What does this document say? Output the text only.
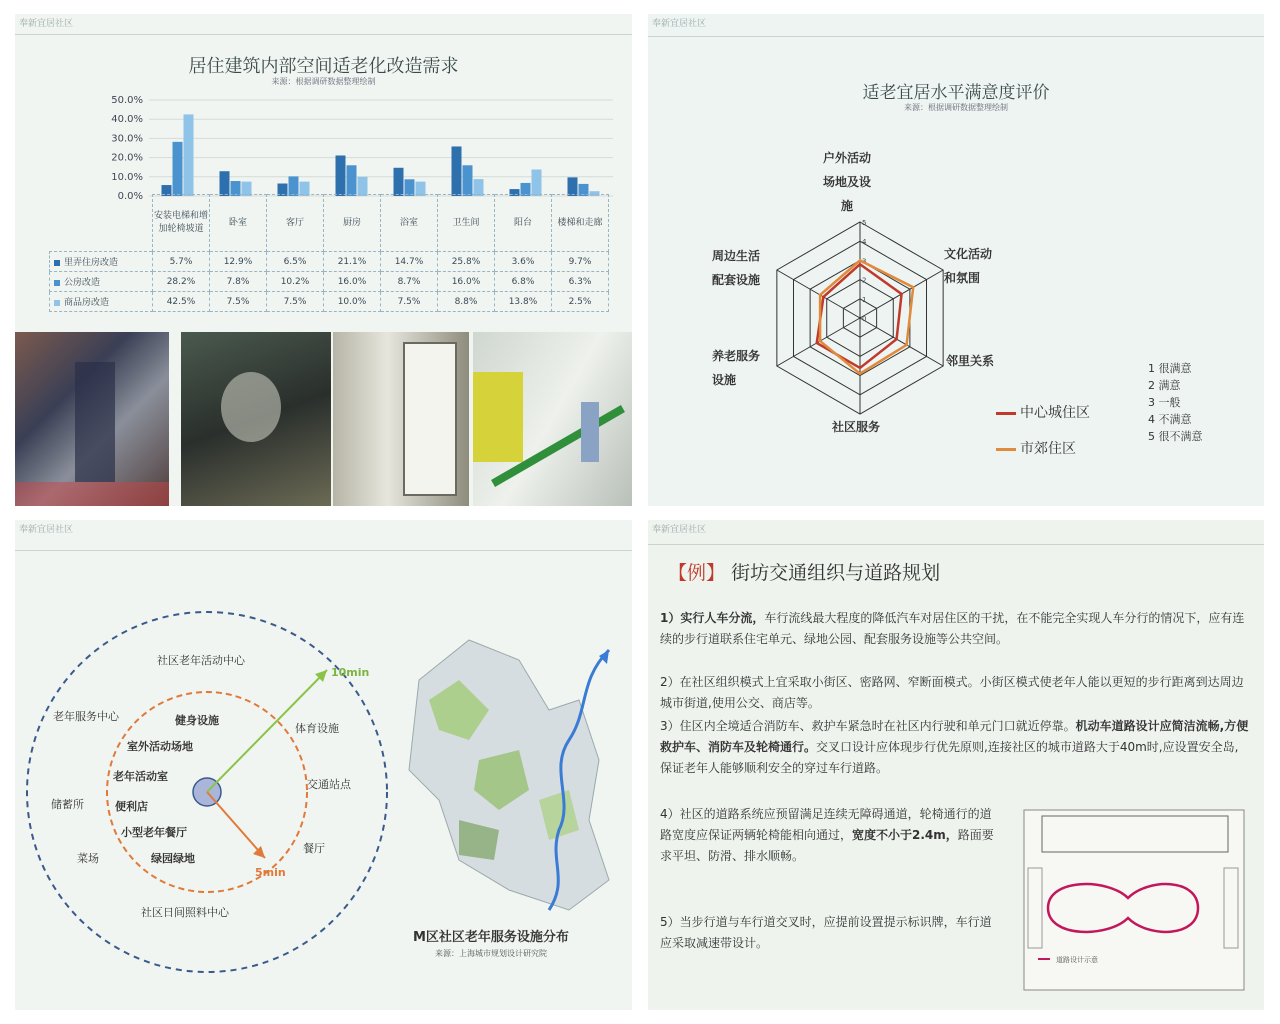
奉新宜居社区
居住建筑内部空间适老化改造需求
来源：根据调研数据整理绘制
50.0%
40.0%
30.0%
20.0%
10.0%
0.0%
	安装电梯和增加轮椅坡道	卧室	客厅	厨房	浴室	卫生间	阳台	楼梯和走廊
里弄住房改造	5.7%	12.9%	6.5%	21.1%	14.7%	25.8%	3.6%	9.7%
公房改造	28.2%	7.8%	10.2%	16.0%	8.7%	16.0%	6.8%	6.3%
商品房改造	42.5%	7.5%	7.5%	10.0%	7.5%	8.8%	13.8%	2.5%
奉新宜居社区
适老宜居水平满意度评价
来源：根据调研数据整理绘制
0
1
2
3
4
5
户外活动
场地及设
施
文化活动
和氛围
邻里关系
社区服务
养老服务
设施
周边生活
配套设施
中心城住区
市郊住区
1 很满意
2 满意
3 一般
4 不满意
5 很不满意
奉新宜居社区
10min
5min
健身设施
室外活动场地
老年活动室
便利店
小型老年餐厅
绿园绿地
社区老年活动中心
老年服务中心
体育设施
交通站点
储蓄所
餐厅
菜场
社区日间照料中心
M区社区老年服务设施分布
来源：上海城市规划设计研究院
奉新宜居社区
【例】 街坊交通组织与道路规划
1）实行人车分流，车行流线最大程度的降低汽车对居住区的干扰，在不能完全实现人车分行的情况下，应有连续的步行道联系住宅单元、绿地公园、配套服务设施等公共空间。
2）在社区组织模式上宜采取小街区、密路网、窄断面模式。小街区模式使老年人能以更短的步行距离到达周边城市街道,使用公交、商店等。
3）住区内全境适合消防车、救护车紧急时在社区内行驶和单元门口就近停靠。机动车道路设计应简洁流畅,方便救护车、消防车及轮椅通行。交叉口设计应体现步行优先原则,连接社区的城市道路大于40m时,应设置安全岛,保证老年人能够顺利安全的穿过车行道路。
4）社区的道路系统应预留满足连续无障碍通道，轮椅通行的道路宽度应保证两辆轮椅能相向通过，宽度不小于2.4m，路面要求平坦、防滑、排水顺畅。
5）当步行道与车行道交叉时，应提前设置提示标识牌，车行道应采取减速带设计。
道路设计示意
